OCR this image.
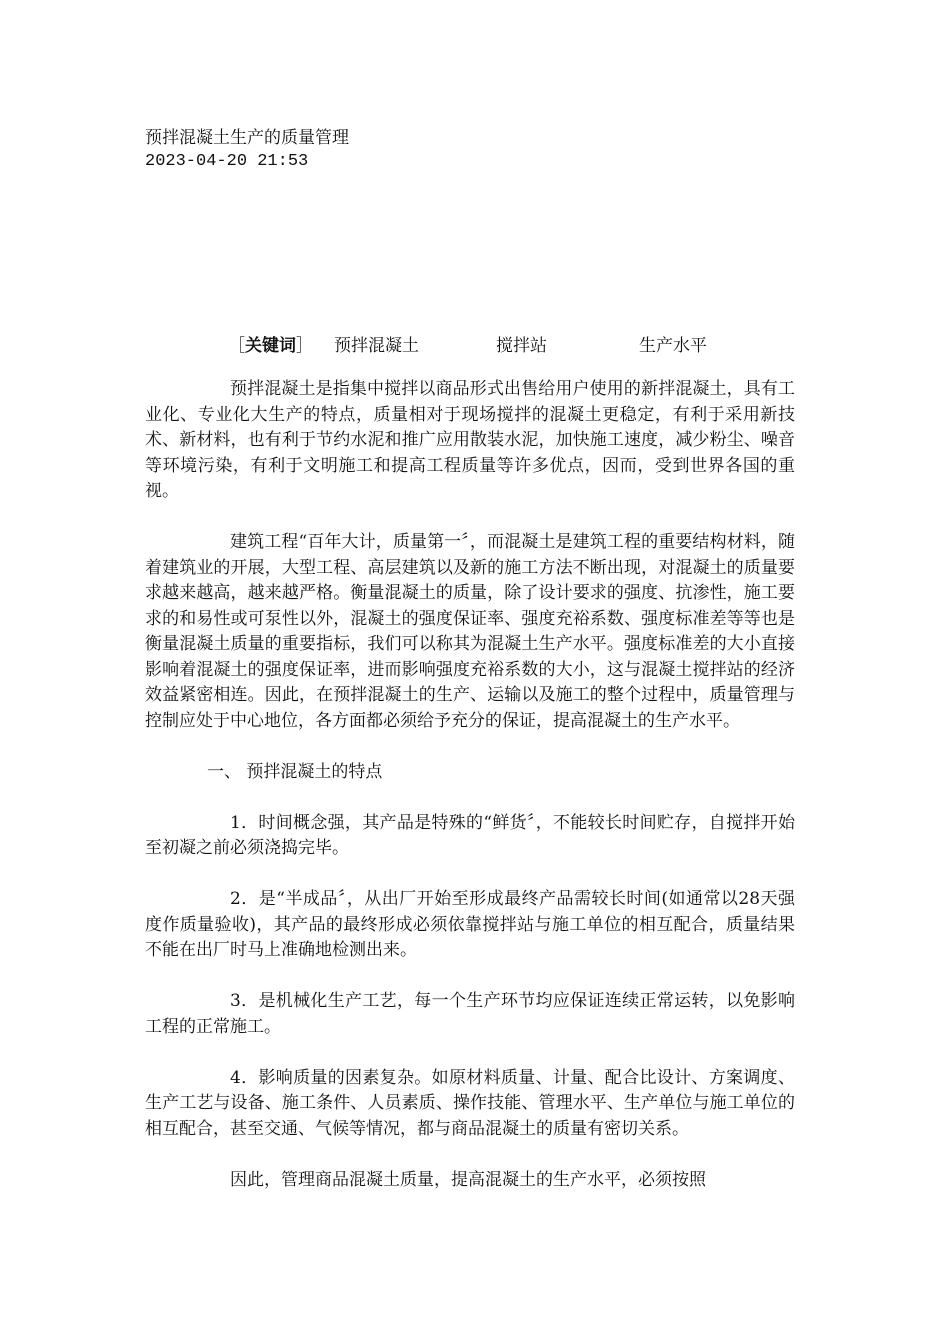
预拌混凝土生产的质量管理
2023-04-20 21:53
［关键词］ 预拌混凝土	搅拌站	生产水平

预拌混凝土是指集中搅拌以商品形式出售给用户使用的新拌混凝土，具有工业化、专业化大生产的特点，质量相对于现场搅拌的混凝土更稳定，有利于采用新技术、新材料，也有利于节约水泥和推广应用散装水泥，加快施工速度，减少粉尘、噪音等环境污染，有利于文明施工和提高工程质量等许多优点，因而，受到世界各国的重视。

建筑工程“百年大计，质量第一〞，而混凝土是建筑工程的重要结构材料，随着建筑业的开展，大型工程、高层建筑以及新的施工方法不断出现，对混凝土的质量要求越来越高，越来越严格。衡量混凝土的质量，除了设计要求的强度、抗渗性，施工要求的和易性或可泵性以外，混凝土的强度保证率、强度充裕系数、强度标准差等等也是衡量混凝土质量的重要指标，我们可以称其为混凝土生产水平。强度标准差的大小直接影响着混凝土的强度保证率，进而影响强度充裕系数的大小，这与混凝土搅拌站的经济效益紧密相连。因此，在预拌混凝土的生产、运输以及施工的整个过程中，质量管理与控制应处于中心地位，各方面都必须给予充分的保证，提高混凝土的生产水平。

一、 预拌混凝土的特点

1．时间概念强，其产品是特殊的“鲜货〞，不能较长时间贮存，自搅拌开始至初凝之前必须浇捣完毕。

2．是“半成品〞，从出厂开始至形成最终产品需较长时间(如通常以28天强度作质量验收)，其产品的最终形成必须依靠搅拌站与施工单位的相互配合，质量结果不能在出厂时马上准确地检测出来。

3．是机械化生产工艺，每一个生产环节均应保证连续正常运转，以免影响工程的正常施工。

4．影响质量的因素复杂。如原材料质量、计量、配合比设计、方案调度、生产工艺与设备、施工条件、人员素质、操作技能、管理水平、生产单位与施工单位的相互配合，甚至交通、气候等情况，都与商品混凝土的质量有密切关系。

因此，管理商品混凝土质量，提高混凝土的生产水平，必须按照
